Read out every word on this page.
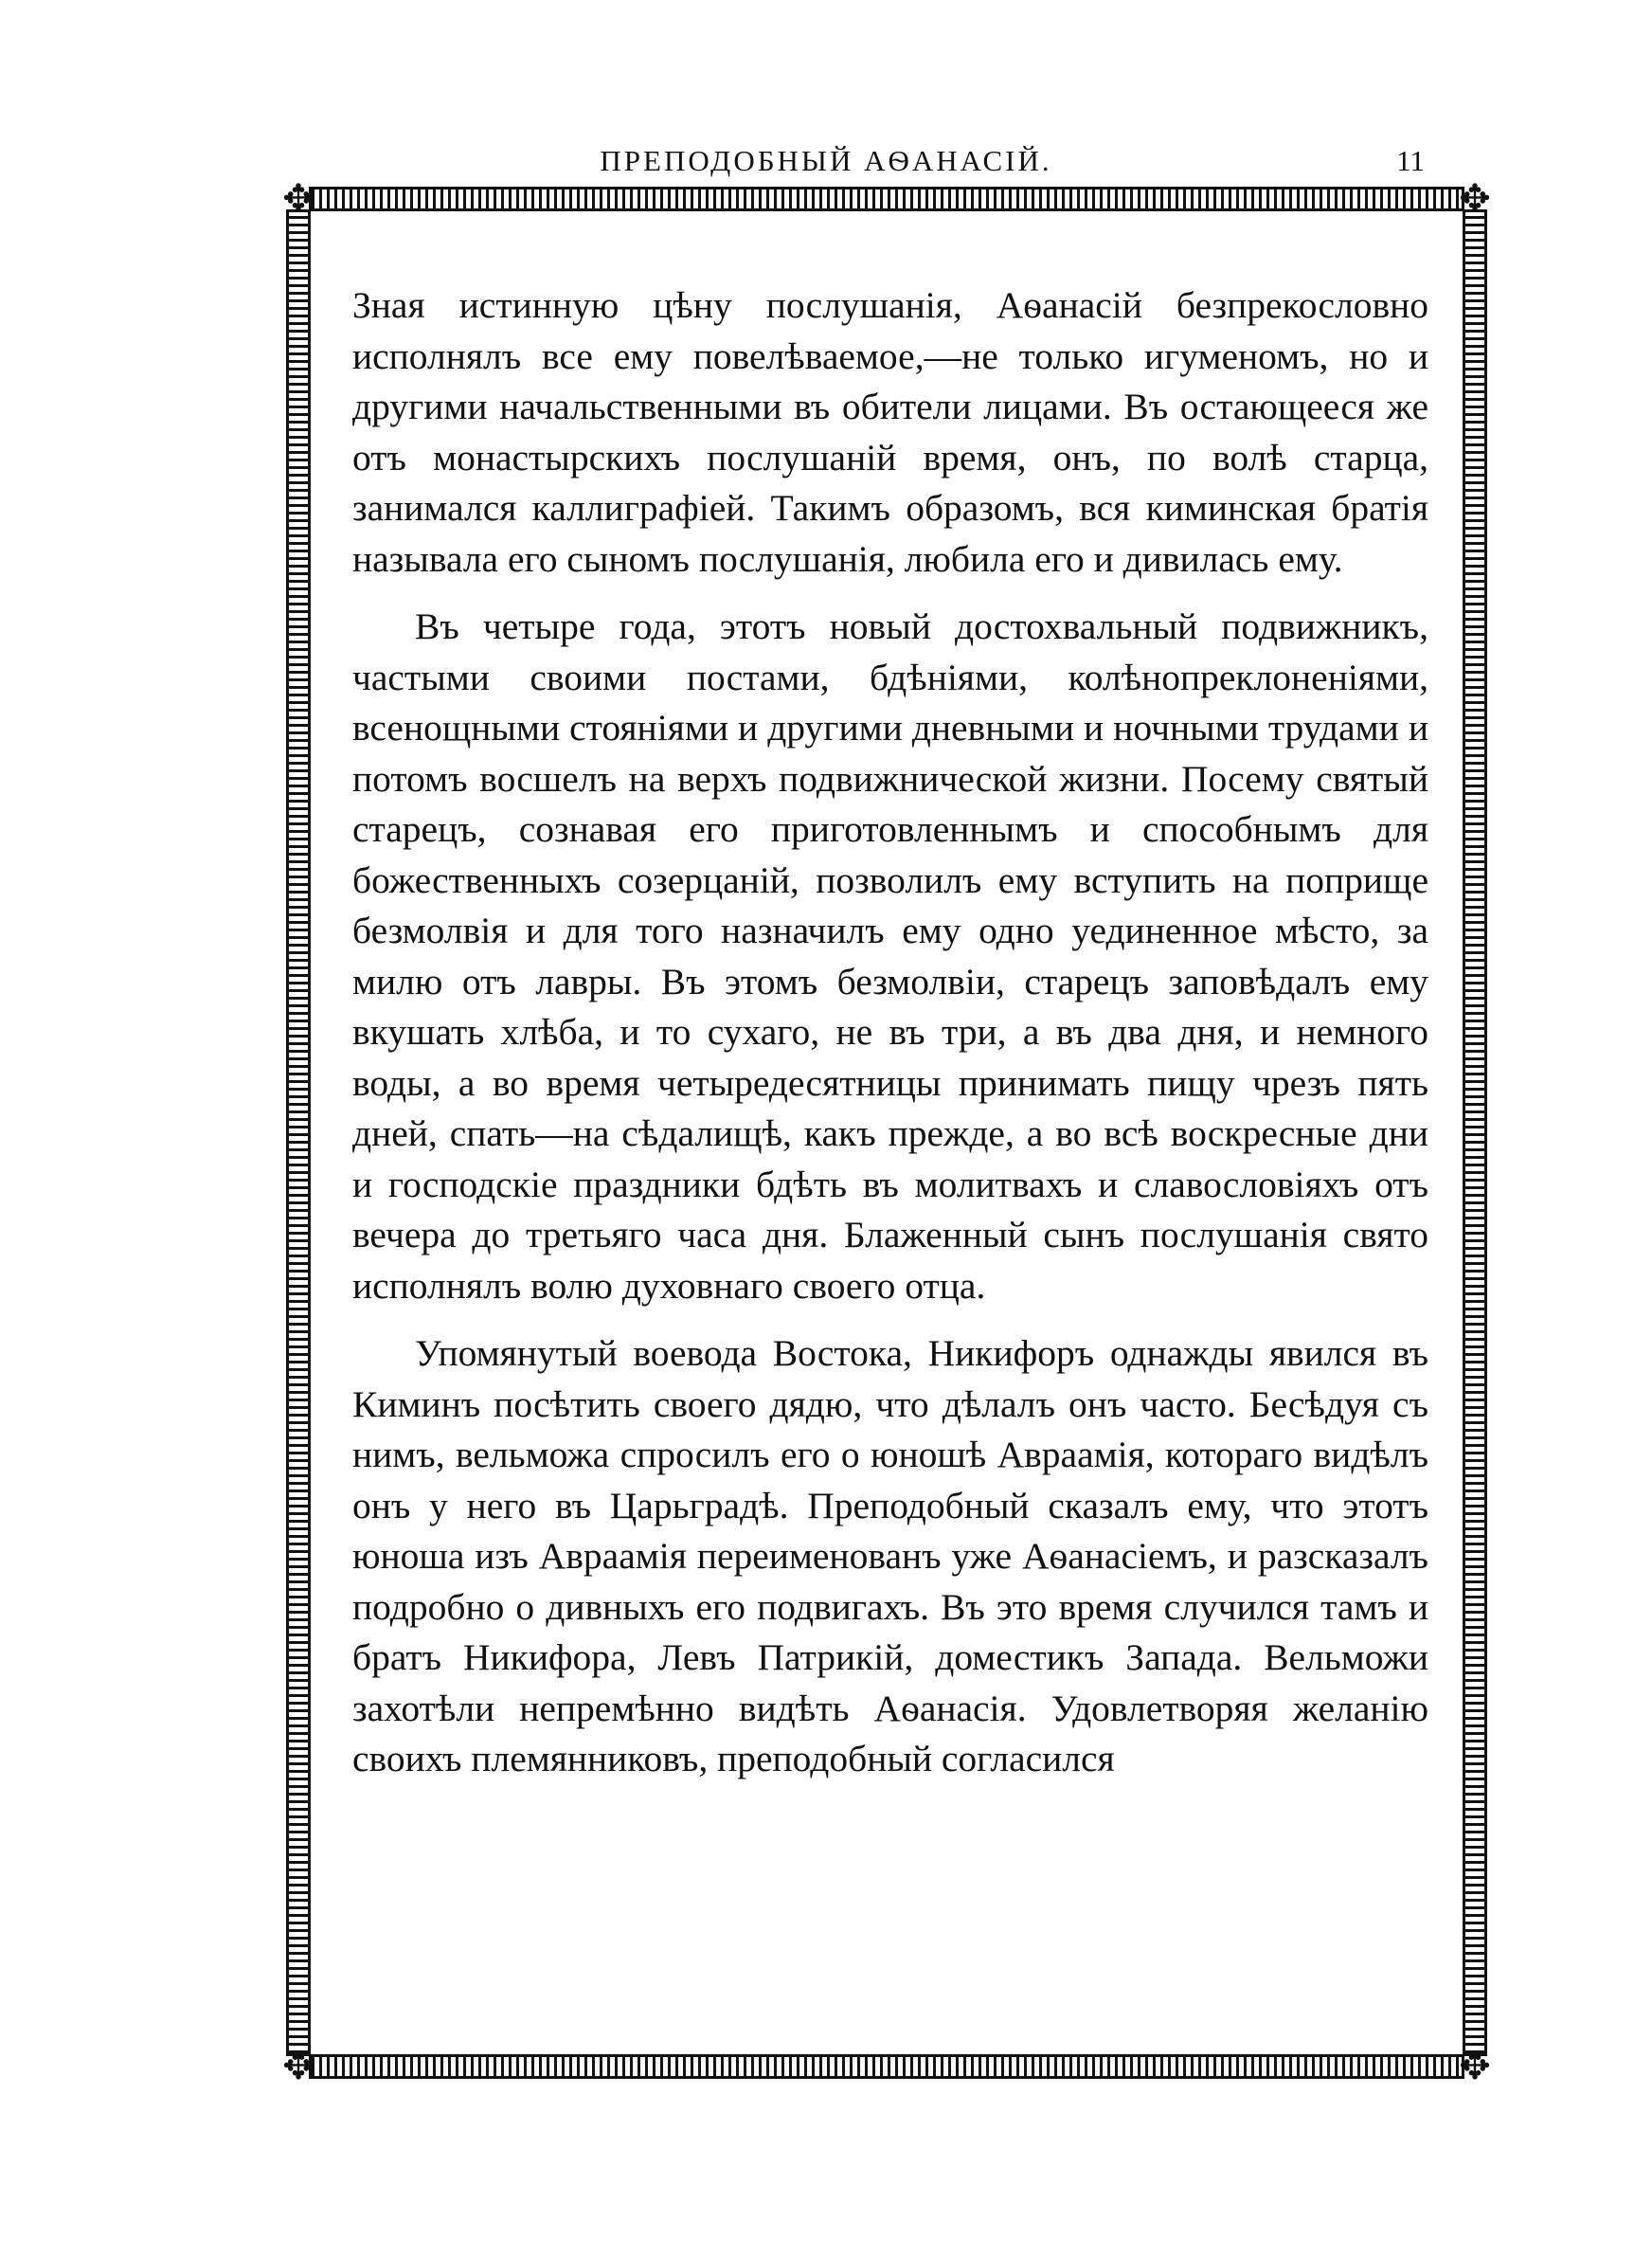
ПРЕПОДОБНЫЙ АѲАНАСІЙ.	11
✥	✥
✥	✥

Зная истинную цѣну послушанія, Аѳанасій безпрекословно исполнялъ все ему повелѣваемое,—не только игуменомъ, но и другими начальственными въ обители лицами. Въ остающееся же отъ монастырскихъ послушаній время, онъ, по волѣ старца, занимался каллиграфіей. Такимъ образомъ, вся киминская братія называла его сыномъ послушанія, любила его и дивилась ему.

Въ четыре года, этотъ новый достохвальный подвижникъ, частыми своими постами, бдѣніями, колѣнопреклоненіями, всенощными стояніями и другими дневными и ночными трудами и потомъ восшелъ на верхъ подвижнической жизни. Посему святый старецъ, сознавая его приготовленнымъ и способнымъ для божественныхъ созерцаній, позволилъ ему вступить на поприще безмолвія и для того назначилъ ему одно уединенное мѣсто, за милю отъ лавры. Въ этомъ безмолвіи, старецъ заповѣдалъ ему вкушать хлѣба, и то сухаго, не въ три, а въ два дня, и немного воды, а во время четыредесятницы принимать пищу чрезъ пять дней, спать—на сѣдалищѣ, какъ прежде, а во всѣ воскресные дни и господскіе праздники бдѣть въ молитвахъ и славословіяхъ отъ вечера до третьяго часа дня. Блаженный сынъ послушанія свято исполнялъ волю духовнаго своего отца.

Упомянутый воевода Востока, Никифоръ однажды явился въ Киминъ посѣтить своего дядю, что дѣлалъ онъ часто. Бесѣдуя съ нимъ, вельможа спросилъ его о юношѣ Авраамія, котораго видѣлъ онъ у него въ Царьградѣ. Преподобный сказалъ ему, что этотъ юноша изъ Авраамія переименованъ уже Аѳанасіемъ, и разсказалъ подробно о дивныхъ его подвигахъ. Въ это время случился тамъ и братъ Никифора, Левъ Патрикій, доместикъ Запада. Вельможи захотѣли непремѣнно видѣть Аѳанасія. Удовлетворяя желанію своихъ племянниковъ, преподобный согласился
